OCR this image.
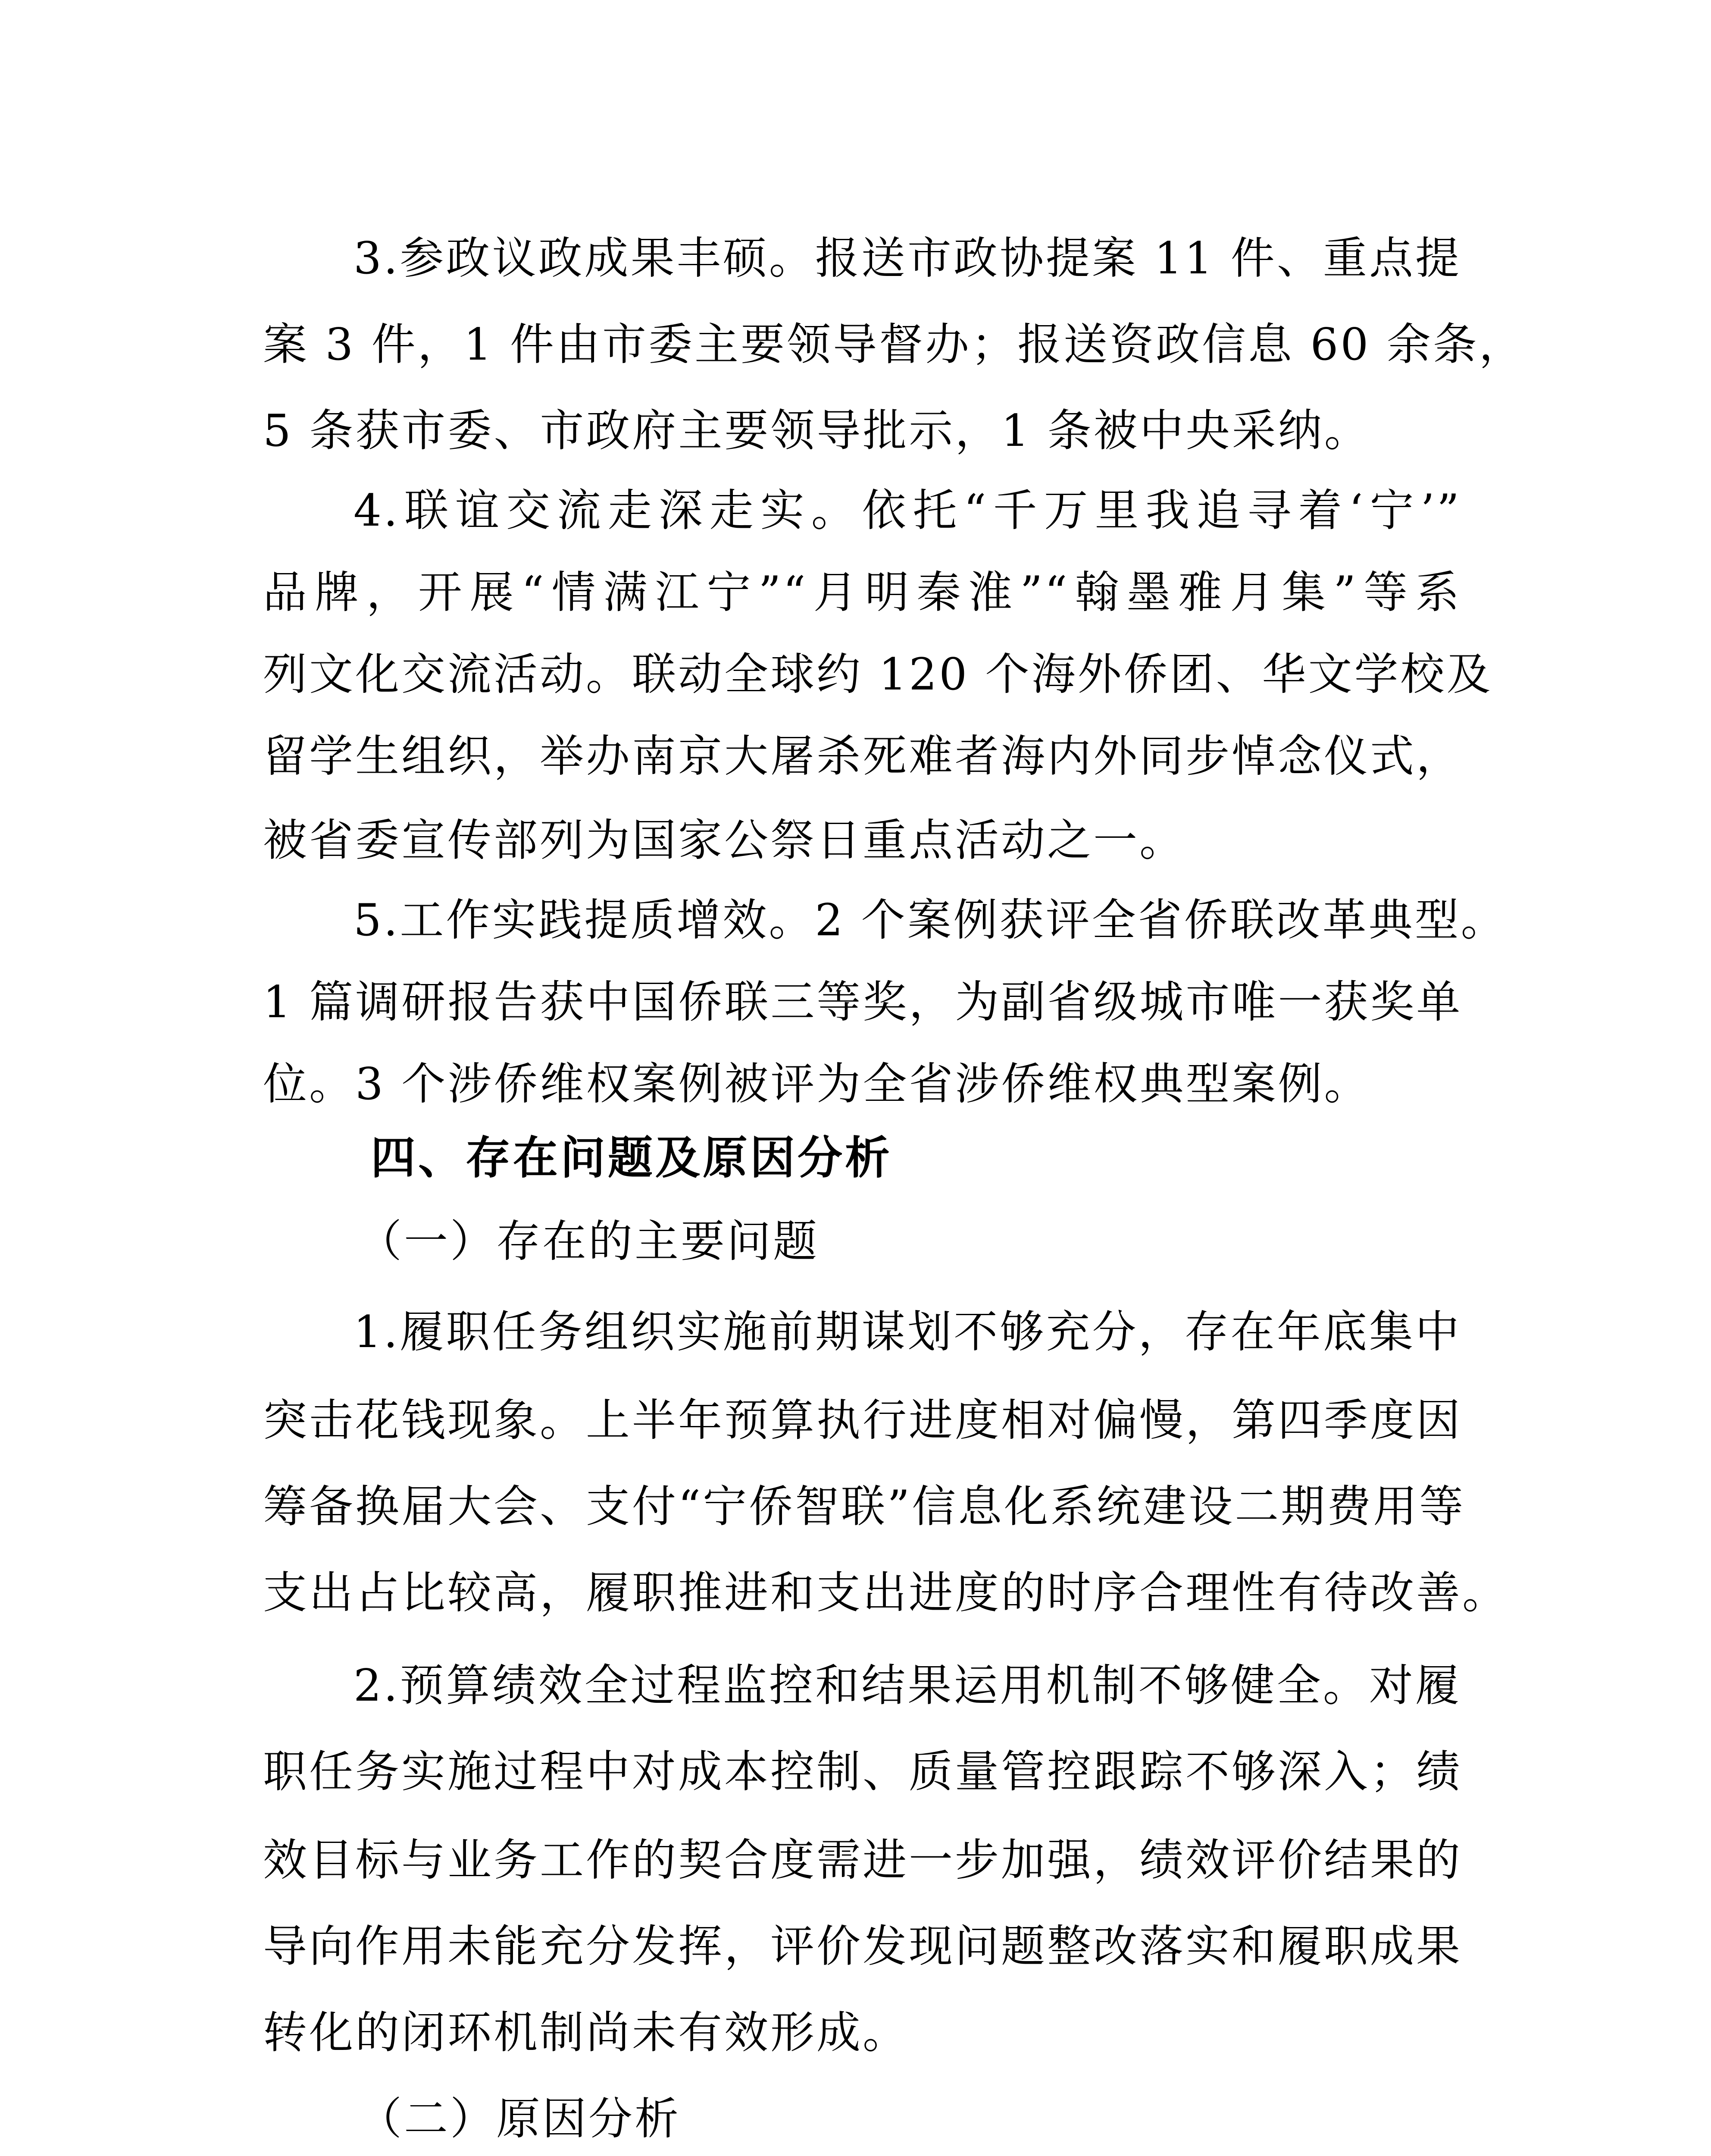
3.参政议政成果丰硕。报送市政协提案 11 件、重点提
案 3 件，1 件由市委主要领导督办；报送资政信息 60 余条，
5 条获市委、市政府主要领导批示，1 条被中央采纳。
4.联谊交流走深走实。依托“千万里我追寻着‘宁’”
品牌，开展“情满江宁”“月明秦淮”“翰墨雅月集”等系
列文化交流活动。联动全球约 120 个海外侨团、华文学校及
留学生组织，举办南京大屠杀死难者海内外同步悼念仪式，
被省委宣传部列为国家公祭日重点活动之一。
5.工作实践提质增效。2 个案例获评全省侨联改革典型。
1 篇调研报告获中国侨联三等奖，为副省级城市唯一获奖单
位。3 个涉侨维权案例被评为全省涉侨维权典型案例。
四、存在问题及原因分析
（一）存在的主要问题
1.履职任务组织实施前期谋划不够充分，存在年底集中
突击花钱现象。上半年预算执行进度相对偏慢，第四季度因
筹备换届大会、支付“宁侨智联”信息化系统建设二期费用等
支出占比较高，履职推进和支出进度的时序合理性有待改善。
2.预算绩效全过程监控和结果运用机制不够健全。对履
职任务实施过程中对成本控制、质量管控跟踪不够深入；绩
效目标与业务工作的契合度需进一步加强，绩效评价结果的
导向作用未能充分发挥，评价发现问题整改落实和履职成果
转化的闭环机制尚未有效形成。
（二）原因分析
